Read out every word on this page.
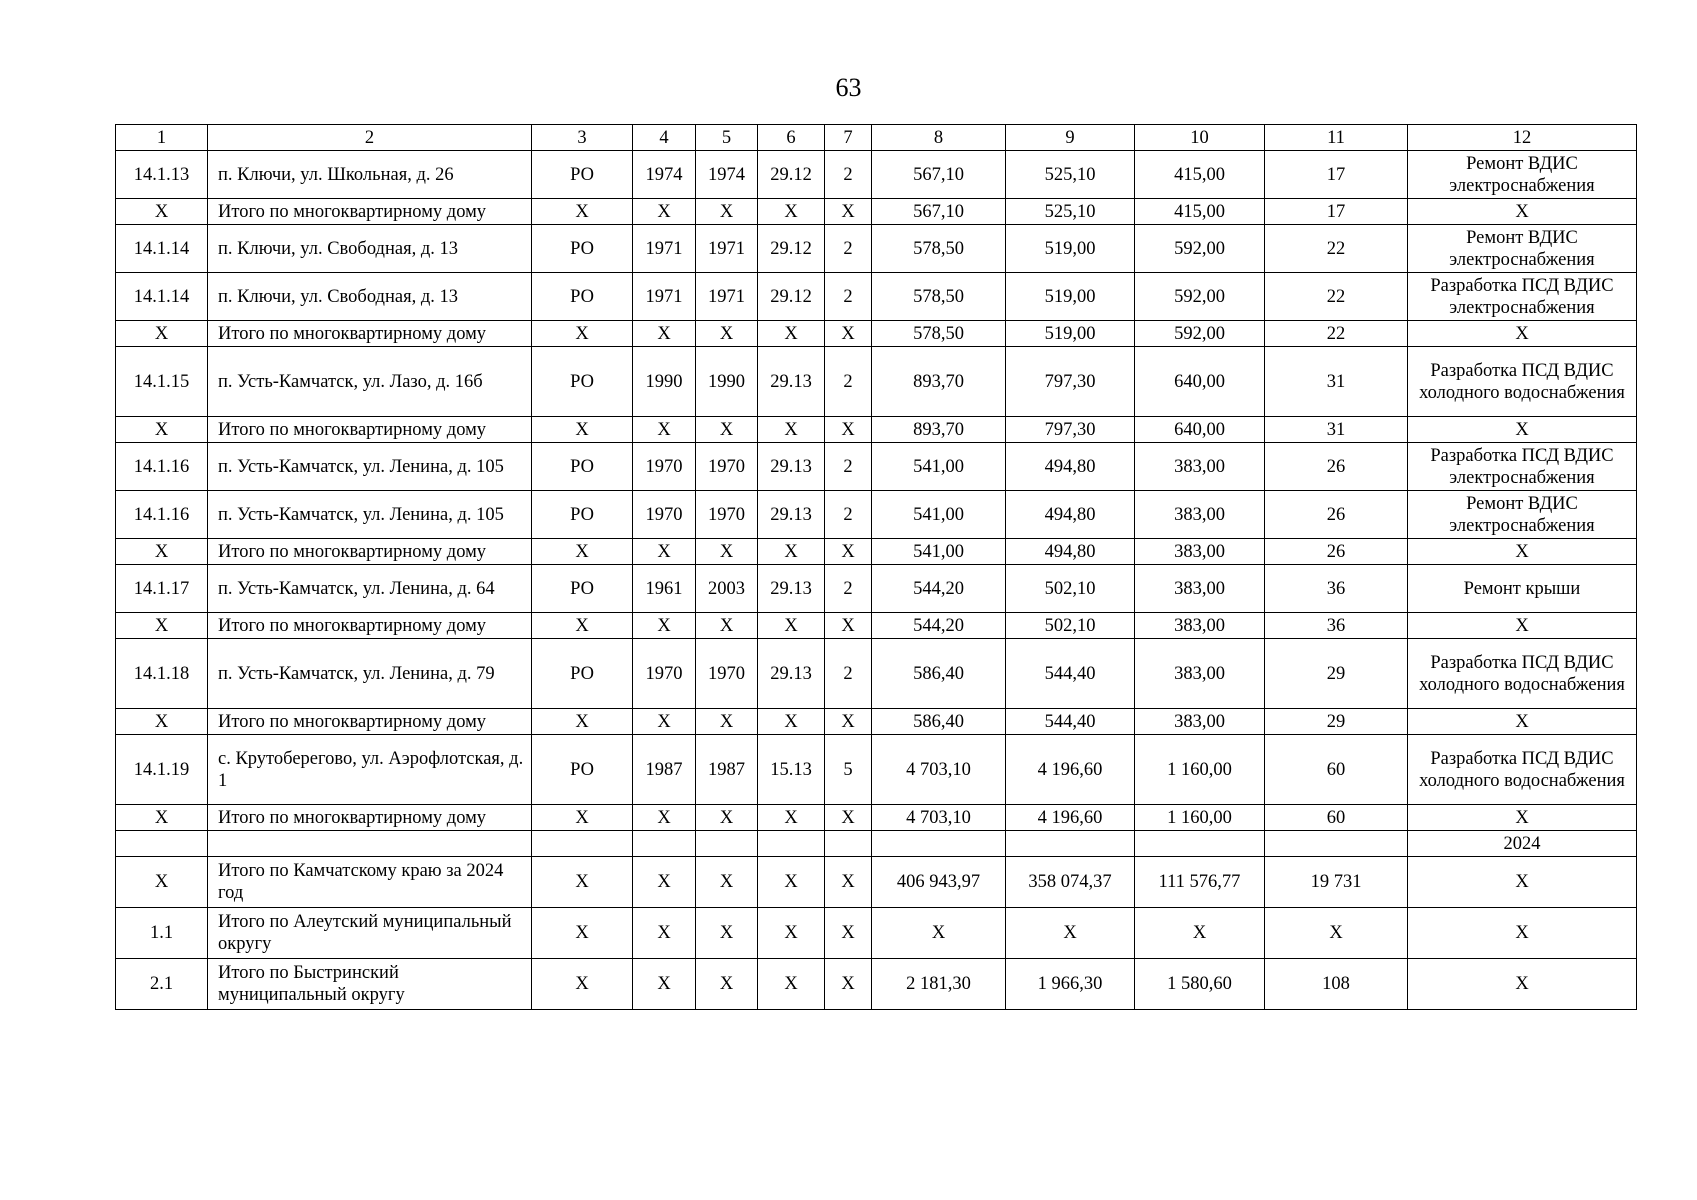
63
1	2	3	4	5	6	7	8	9	10	11	12
14.1.13	п. Ключи, ул. Школьная, д. 26	РО	1974	1974	29.12	2	567,10	525,10	415,00	17	Ремонт ВДИС электроснабжения
Х	Итого по многоквартирному дому	Х	Х	Х	Х	Х	567,10	525,10	415,00	17	Х
14.1.14	п. Ключи, ул. Свободная, д. 13	РО	1971	1971	29.12	2	578,50	519,00	592,00	22	Ремонт ВДИС электроснабжения
14.1.14	п. Ключи, ул. Свободная, д. 13	РО	1971	1971	29.12	2	578,50	519,00	592,00	22	Разработка ПСД ВДИС электроснабжения
Х	Итого по многоквартирному дому	Х	Х	Х	Х	Х	578,50	519,00	592,00	22	Х
14.1.15	п. Усть-Камчатск, ул. Лазо, д. 16б	РО	1990	1990	29.13	2	893,70	797,30	640,00	31	Разработка ПСД ВДИС холодного водоснабжения
Х	Итого по многоквартирному дому	Х	Х	Х	Х	Х	893,70	797,30	640,00	31	Х
14.1.16	п. Усть-Камчатск, ул. Ленина, д. 105	РО	1970	1970	29.13	2	541,00	494,80	383,00	26	Разработка ПСД ВДИС электроснабжения
14.1.16	п. Усть-Камчатск, ул. Ленина, д. 105	РО	1970	1970	29.13	2	541,00	494,80	383,00	26	Ремонт ВДИС электроснабжения
Х	Итого по многоквартирному дому	Х	Х	Х	Х	Х	541,00	494,80	383,00	26	Х
14.1.17	п. Усть-Камчатск, ул. Ленина, д. 64	РО	1961	2003	29.13	2	544,20	502,10	383,00	36	Ремонт крыши
Х	Итого по многоквартирному дому	Х	Х	Х	Х	Х	544,20	502,10	383,00	36	Х
14.1.18	п. Усть-Камчатск, ул. Ленина, д. 79	РО	1970	1970	29.13	2	586,40	544,40	383,00	29	Разработка ПСД ВДИС холодного водоснабжения
Х	Итого по многоквартирному дому	Х	Х	Х	Х	Х	586,40	544,40	383,00	29	Х
14.1.19	с. Крутоберегово, ул. Аэрофлотская, д. 1	РО	1987	1987	15.13	5	4 703,10	4 196,60	1 160,00	60	Разработка ПСД ВДИС холодного водоснабжения
Х	Итого по многоквартирному дому	Х	Х	Х	Х	Х	4 703,10	4 196,60	1 160,00	60	Х
											2024
Х	Итого по Камчатскому краю за 2024 год	Х	Х	Х	Х	Х	406 943,97	358 074,37	111 576,77	19 731	Х
1.1	Итого по Алеутский муниципальный округу	Х	Х	Х	Х	Х	Х	Х	Х	Х	Х
2.1	Итого по Быстринский муниципальный округу	Х	Х	Х	Х	Х	2 181,30	1 966,30	1 580,60	108	Х
